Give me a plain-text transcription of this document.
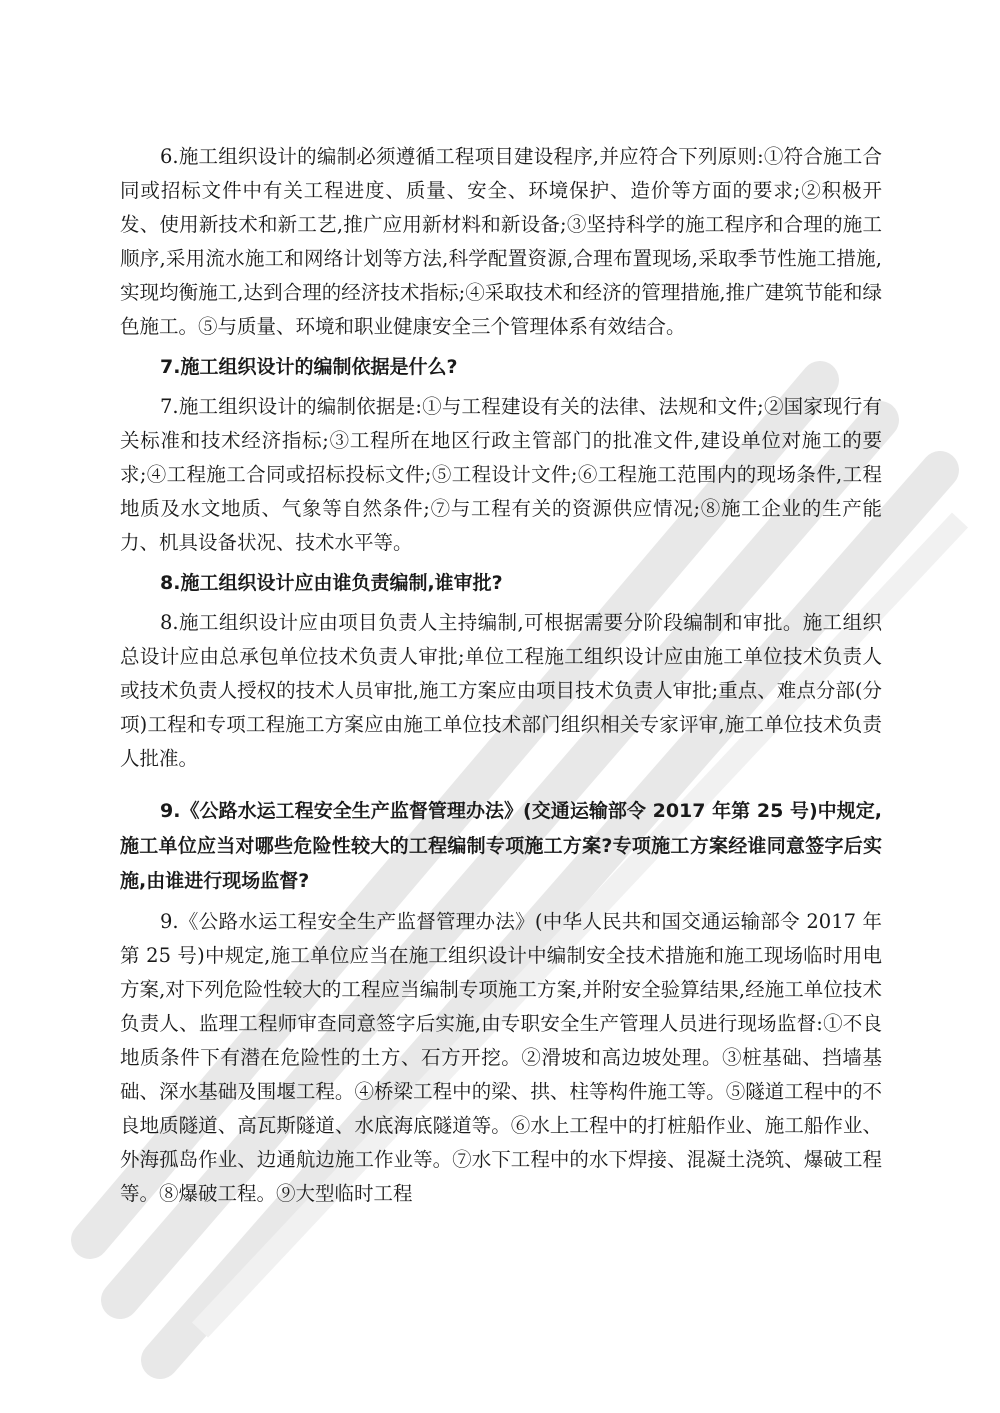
6.施工组织设计的编制必须遵循工程项目建设程序,并应符合下列原则:①符合施工合同或招标文件中有关工程进度、质量、安全、环境保护、造价等方面的要求;②积极开发、使用新技术和新工艺,推广应用新材料和新设备;③坚持科学的施工程序和合理的施工顺序,采用流水施工和网络计划等方法,科学配置资源,合理布置现场,采取季节性施工措施,实现均衡施工,达到合理的经济技术指标;④采取技术和经济的管理措施,推广建筑节能和绿色施工。⑤与质量、环境和职业健康安全三个管理体系有效结合。

7.施工组织设计的编制依据是什么?

7.施工组织设计的编制依据是:①与工程建设有关的法律、法规和文件;②国家现行有关标准和技术经济指标;③工程所在地区行政主管部门的批准文件,建设单位对施工的要求;④工程施工合同或招标投标文件;⑤工程设计文件;⑥工程施工范围内的现场条件,工程地质及水文地质、气象等自然条件;⑦与工程有关的资源供应情况;⑧施工企业的生产能力、机具设备状况、技术水平等。

8.施工组织设计应由谁负责编制,谁审批?

8.施工组织设计应由项目负责人主持编制,可根据需要分阶段编制和审批。施工组织总设计应由总承包单位技术负责人审批;单位工程施工组织设计应由施工单位技术负责人或技术负责人授权的技术人员审批,施工方案应由项目技术负责人审批;重点、难点分部(分项)工程和专项工程施工方案应由施工单位技术部门组织相关专家评审,施工单位技术负责人批准。

9.《公路水运工程安全生产监督管理办法》(交通运输部令 2017 年第 25 号)中规定,施工单位应当对哪些危险性较大的工程编制专项施工方案?专项施工方案经谁同意签字后实施,由谁进行现场监督?

9.《公路水运工程安全生产监督管理办法》(中华人民共和国交通运输部令 2017 年第 25 号)中规定,施工单位应当在施工组织设计中编制安全技术措施和施工现场临时用电方案,对下列危险性较大的工程应当编制专项施工方案,并附安全验算结果,经施工单位技术负责人、监理工程师审查同意签字后实施,由专职安全生产管理人员进行现场监督:①不良地质条件下有潜在危险性的土方、石方开挖。②滑坡和高边坡处理。③桩基础、挡墙基础、深水基础及围堰工程。④桥梁工程中的梁、拱、柱等构件施工等。⑤隧道工程中的不良地质隧道、高瓦斯隧道、水底海底隧道等。⑥水上工程中的打桩船作业、施工船作业、外海孤岛作业、边通航边施工作业等。⑦水下工程中的水下焊接、混凝土浇筑、爆破工程等。⑧爆破工程。⑨大型临时工程
